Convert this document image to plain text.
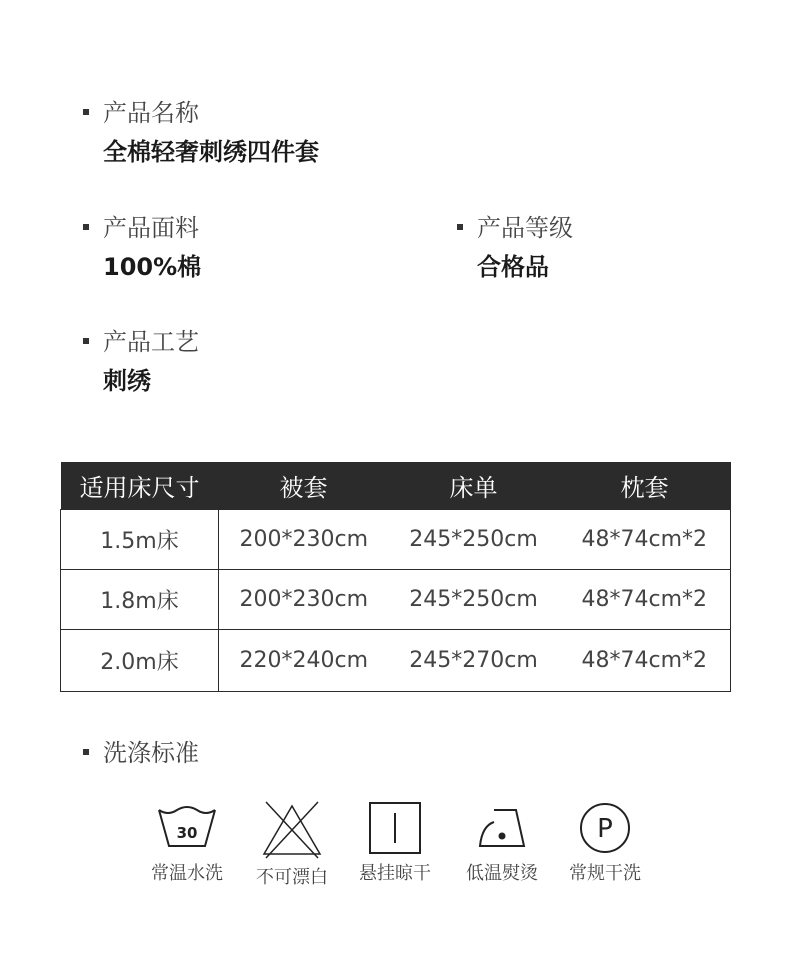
产品名称
全棉轻奢刺绣四件套
产品面料
100%棉
产品等级
合格品
产品工艺
刺绣
适用床尺寸	被套	床单	枕套
1.5m床	200*230cm	245*250cm	48*74cm*2
1.8m床	200*230cm	245*250cm	48*74cm*2
2.0m床	220*240cm	245*270cm	48*74cm*2
洗涤标准
30
常温水洗	不可漂白	悬挂晾干	低温熨烫
P
常规干洗
